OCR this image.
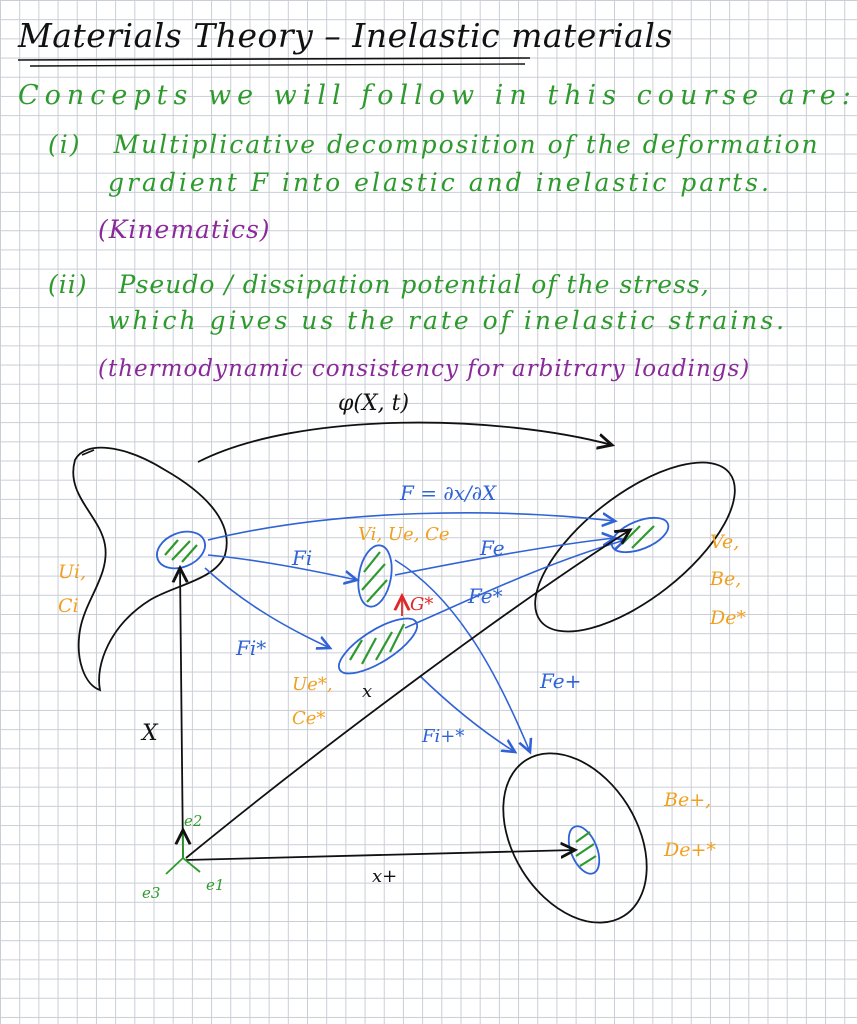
Materials Theory – Inelastic materials
Concepts we will follow in this course are:
(i) Multiplicative decomposition of the deformation
gradient F into elastic and inelastic parts.
(Kinematics)
(ii) Pseudo / dissipation potential of the stress,
which gives us the rate of inelastic strains.
(thermodynamic consistency for arbitrary loadings)
φ(X, t)
F = ∂x/∂X
Fi	Fe
Fi*
Fe*
Fe+
Fi+*
G*
X
x
x+
Ui,
Ci
Vi, Ue, Ce
Ue*,
Ce*
Ve,
Be,
De*
Be+,
De+*
e2
e1
e3
